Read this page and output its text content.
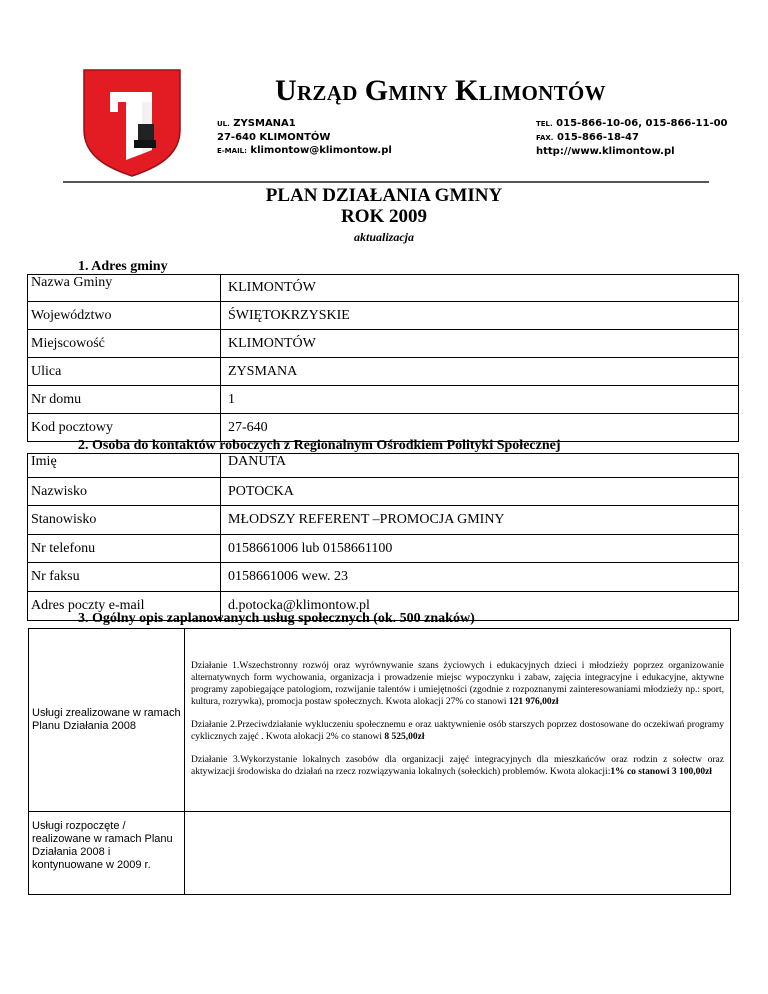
URZĄD GMINY KLIMONTÓW
UL. ZYSMANA1
27-640 KLIMONTÓW
E-MAIL: klimontow@klimontow.pl
TEL. 015-866-10-06, 015-866-11-00
FAX. 015-866-18-47
http://www.klimontow.pl
PLAN DZIAŁANIA GMINY
ROK 2009
aktualizacja
1. Adres gminy
Nazwa Gminy	KLIMONTÓW
Województwo	ŚWIĘTOKRZYSKIE
Miejscowość	KLIMONTÓW
Ulica	ZYSMANA
Nr domu	1
Kod pocztowy	27-640
2. Osoba do kontaktów roboczych z Regionalnym Ośrodkiem Polityki Społecznej
Imię	DANUTA
Nazwisko	POTOCKA
Stanowisko	MŁODSZY REFERENT –PROMOCJA GMINY
Nr telefonu	0158661006 lub 0158661100
Nr faksu	0158661006 wew. 23
Adres poczty e-mail	d.potocka@klimontow.pl
3. Ogólny opis zaplanowanych usług społecznych (ok. 500 znaków)
Usługi zrealizowane w ramach Planu Działania 2008	Działanie 1.Wszechstronny rozwój oraz wyrównywanie szans życiowych i edukacyjnych dzieci i młodzieży poprzez organizowanie alternatywnych form wychowania, organizacja i prowadzenie miejsc wypoczynku i zabaw, zajęcia integracyjne i edukacyjne, aktywne programy zapobiegające patologiom, rozwijanie talentów i umiejętności (zgodnie z rozpoznanymi zainteresowaniami młodzieży np.: sport, kultura, rozrywka), promocja postaw społecznych. Kwota alokacji 27% co stanowi 121 976,00zł

Działanie 2.Przeciwdziałanie wykluczeniu społecznemu e oraz uaktywnienie osób starszych poprzez dostosowane do oczekiwań programy cyklicznych zajęć . Kwota alokacji 2% co stanowi 8 525,00zł

Działanie 3.Wykorzystanie lokalnych zasobów dla organizacji zajęć integracyjnych dla mieszkańców oraz rodzin z sołectw oraz aktywizacji środowiska do działań na rzecz rozwiązywania lokalnych (sołeckich) problemów. Kwota alokacji:1% co stanowi 3 100,00zł

Usługi rozpoczęte / realizowane w ramach Planu Działania 2008 i kontynuowane w 2009 r.	
